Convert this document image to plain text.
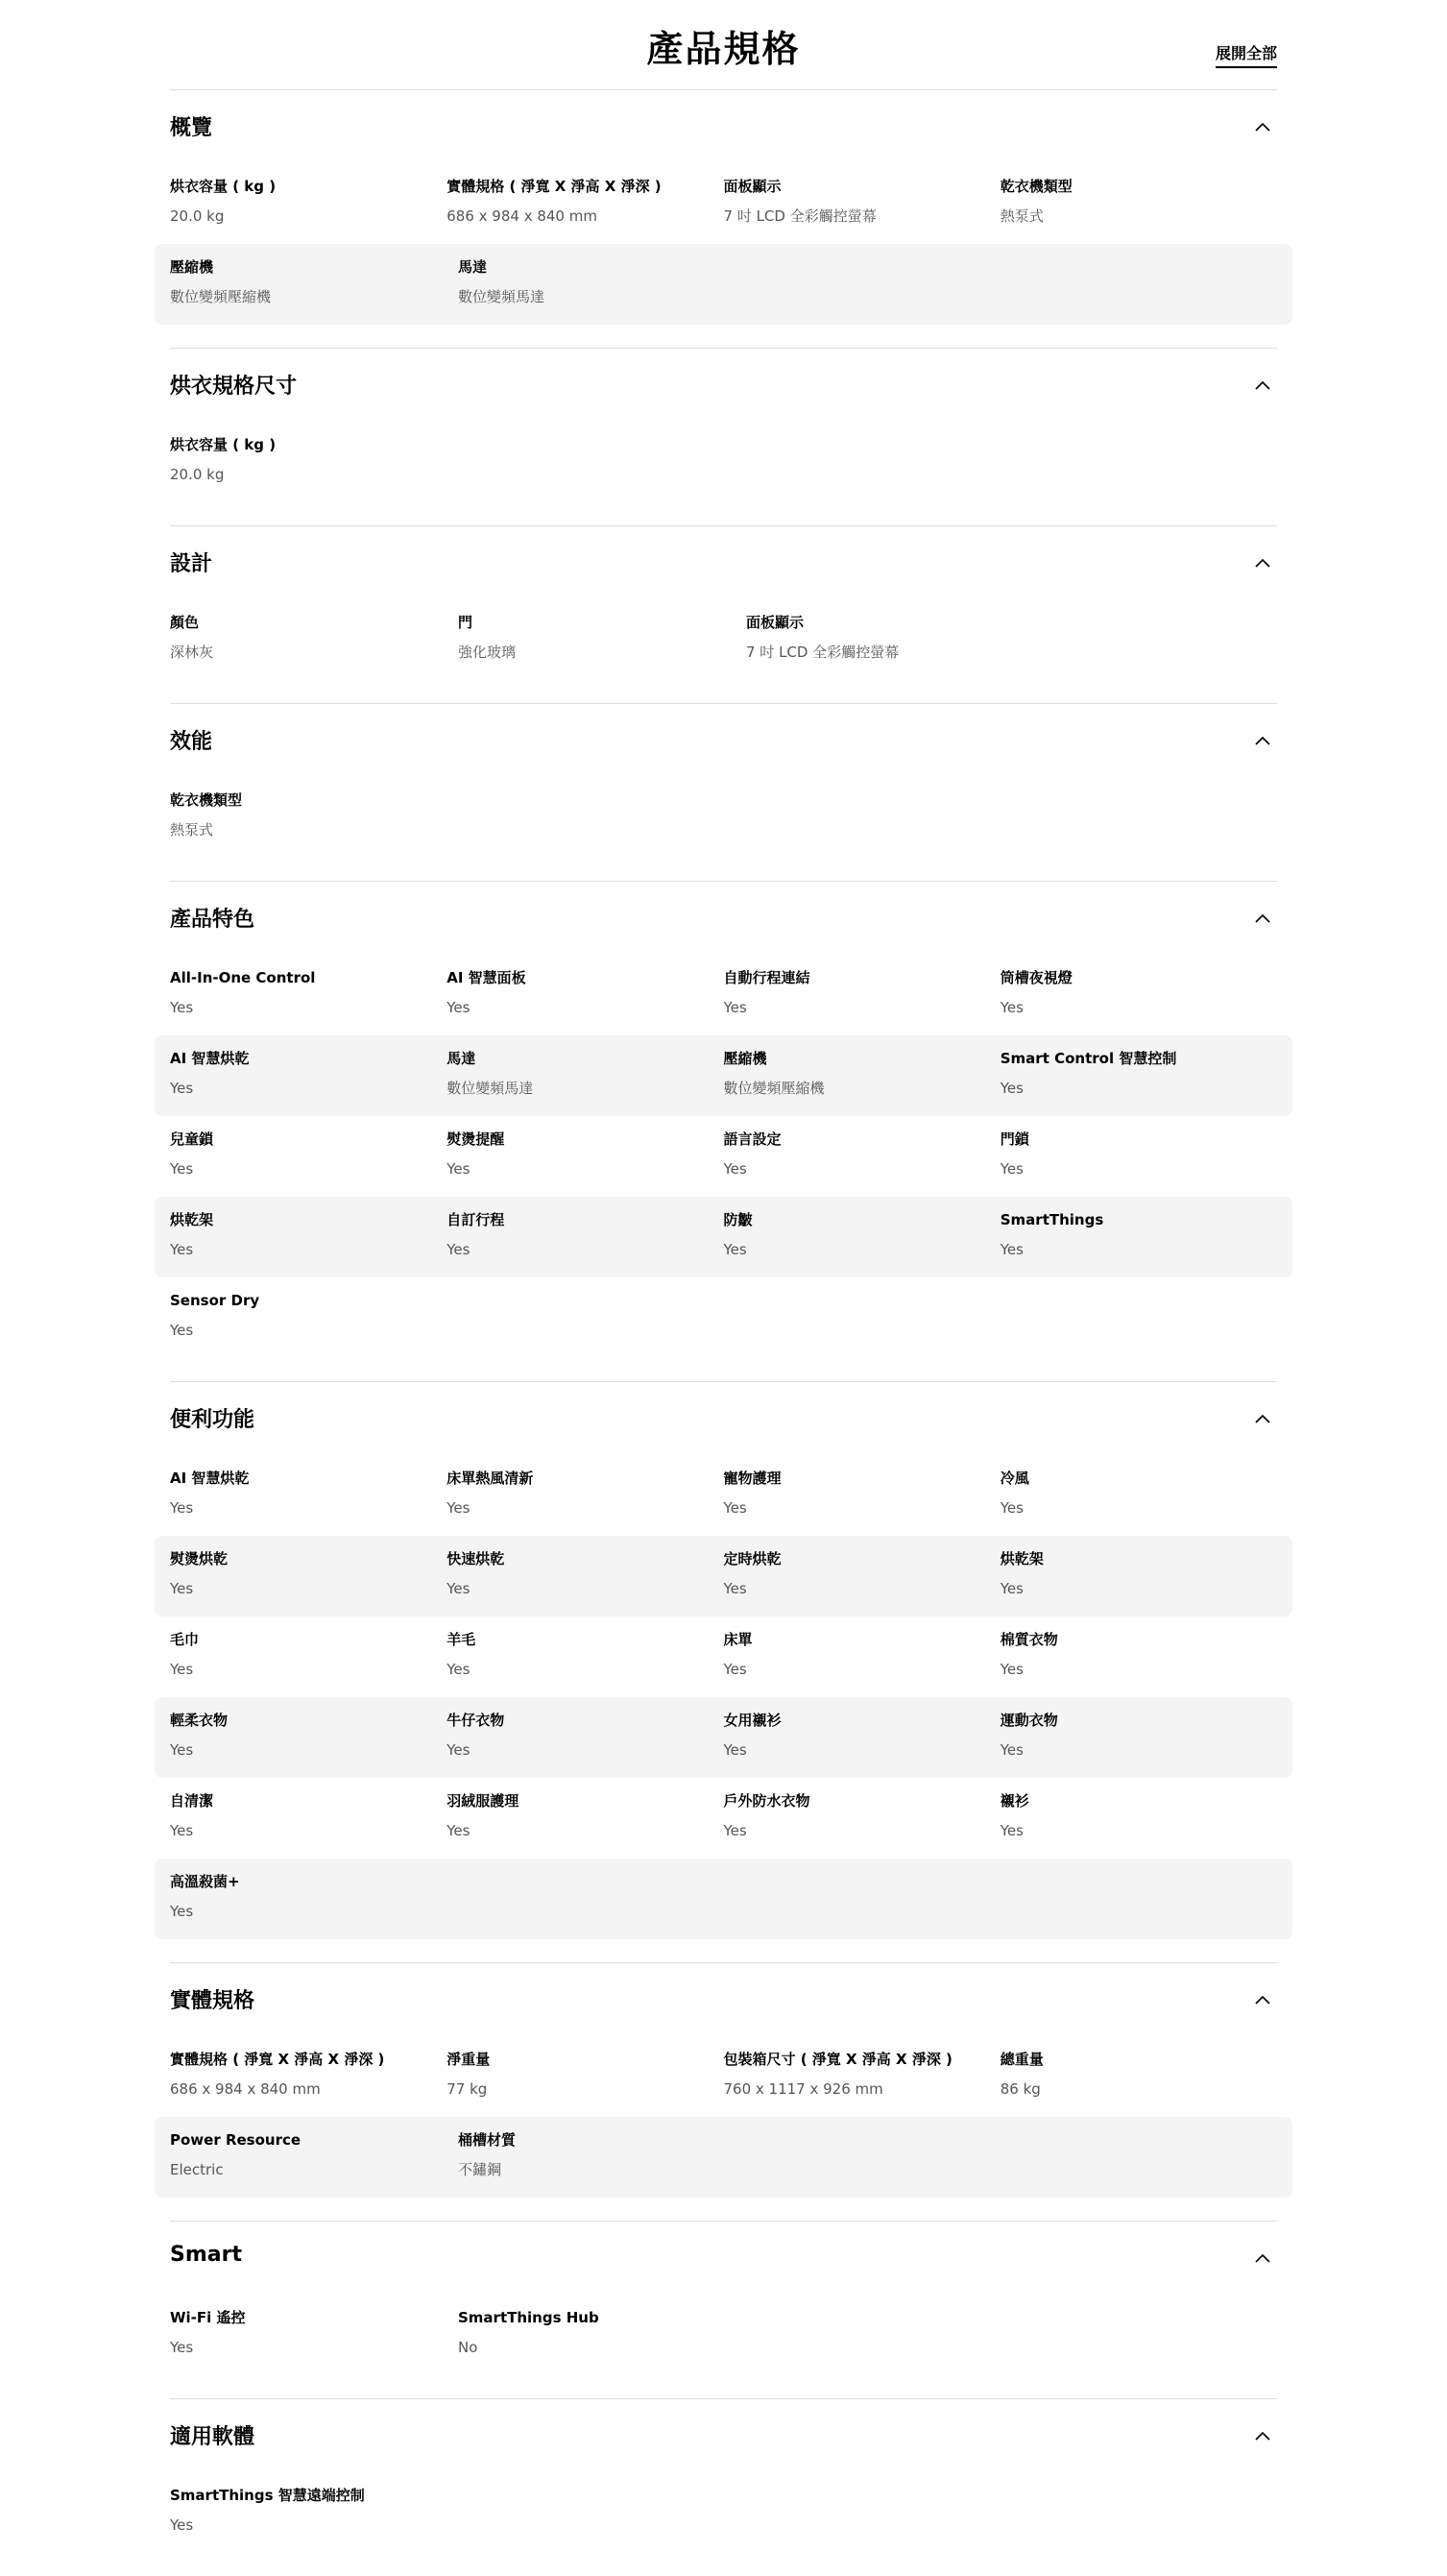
產品規格	展開全部
概覽
烘衣容量 ( kg )
20.0 kg
實體規格 ( 淨寬 X 淨高 X 淨深 )
686 x 984 x 840 mm
面板顯示
7 吋 LCD 全彩觸控螢幕
乾衣機類型
熱泵式
壓縮機
數位變頻壓縮機
馬達
數位變頻馬達
烘衣規格尺寸
烘衣容量 ( kg )
20.0 kg
設計
顏色
深林灰
門
強化玻璃
面板顯示
7 吋 LCD 全彩觸控螢幕
效能
乾衣機類型
熱泵式
產品特色
All-In-One Control
Yes
AI 智慧面板
Yes
自動行程連結
Yes
筒槽夜視燈
Yes
AI 智慧烘乾
Yes
馬達
數位變頻馬達
壓縮機
數位變頻壓縮機
Smart Control 智慧控制
Yes
兒童鎖
Yes
熨燙提醒
Yes
語言設定
Yes
門鎖
Yes
烘乾架
Yes
自訂行程
Yes
防皺
Yes
SmartThings
Yes
Sensor Dry
Yes
便利功能
AI 智慧烘乾
Yes
床單熱風清新
Yes
寵物護理
Yes
冷風
Yes
熨燙烘乾
Yes
快速烘乾
Yes
定時烘乾
Yes
烘乾架
Yes
毛巾
Yes
羊毛
Yes
床單
Yes
棉質衣物
Yes
輕柔衣物
Yes
牛仔衣物
Yes
女用襯衫
Yes
運動衣物
Yes
自清潔
Yes
羽絨服護理
Yes
戶外防水衣物
Yes
襯衫
Yes
高溫殺菌+
Yes
實體規格
實體規格 ( 淨寬 X 淨高 X 淨深 )
686 x 984 x 840 mm
淨重量
77 kg
包裝箱尺寸 ( 淨寬 X 淨高 X 淨深 )
760 x 1117 x 926 mm
總重量
86 kg
Power Resource
Electric
桶槽材質
不鏽鋼
Smart
Wi-Fi 遙控
Yes
SmartThings Hub
No
適用軟體
SmartThings 智慧遠端控制
Yes
